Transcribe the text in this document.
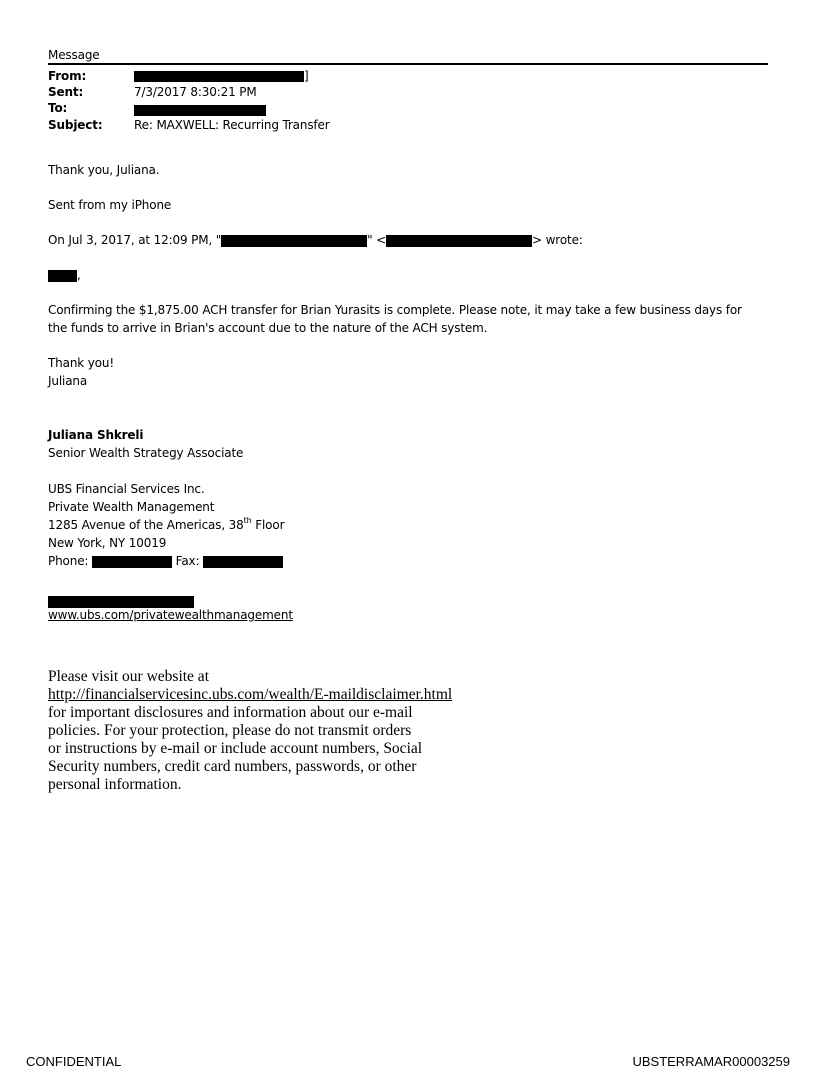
Message
From:	]
Sent:	7/3/2017 8:30:21 PM
To:
Subject:	Re: MAXWELL: Recurring Transfer
Thank you, Juliana.
Sent from my iPhone
On Jul 3, 2017, at 12:09 PM, "	" <	> wrote:
,
Confirming the $1,875.00 ACH transfer for Brian Yurasits is complete. Please note, it may take a few business days for
the funds to arrive in Brian's account due to the nature of the ACH system.
Thank you!
Juliana
Juliana Shkreli
Senior Wealth Strategy Associate
UBS Financial Services Inc.
Private Wealth Management
1285 Avenue of the Americas, 38th Floor
New York, NY 10019
Phone:	Fax:
www.ubs.com/privatewealthmanagement
Please visit our website at
http://financialservicesinc.ubs.com/wealth/E-maildisclaimer.html
for important disclosures and information about our e-mail
policies. For your protection, please do not transmit orders
or instructions by e-mail or include account numbers, Social
Security numbers, credit card numbers, passwords, or other
personal information.
CONFIDENTIAL	UBSTERRAMAR00003259
